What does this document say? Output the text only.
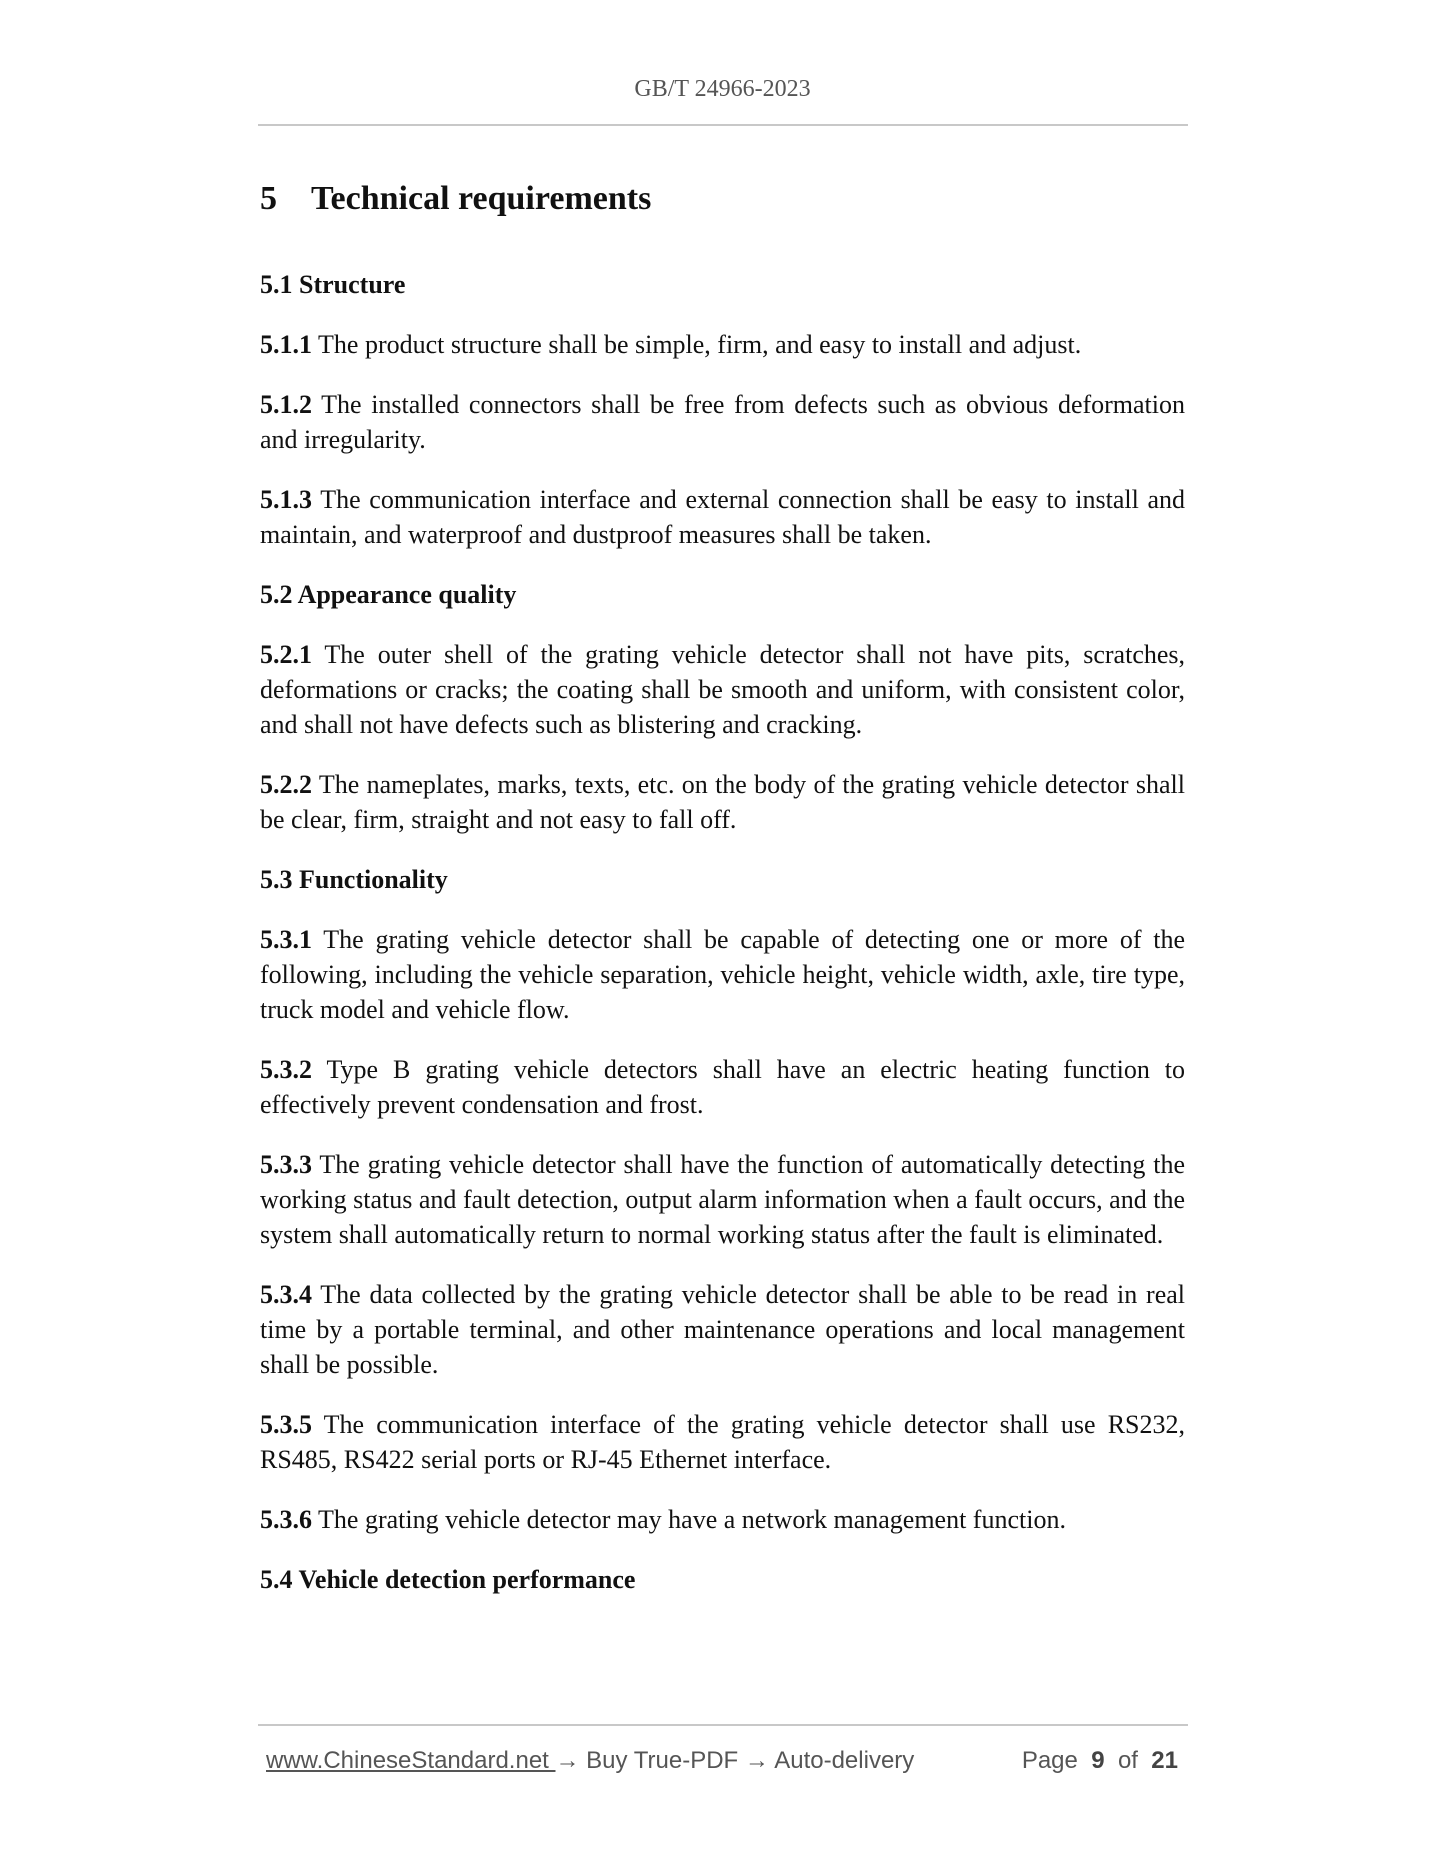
GB/T 24966-2023

5 Technical requirements
5.1 Structure

5.1.1 The product structure shall be simple, firm, and easy to install and adjust.

5.1.2 The installed connectors shall be free from defects such as obvious deformation and irregularity.

5.1.3 The communication interface and external connection shall be easy to install and maintain, and waterproof and dustproof measures shall be taken.

5.2 Appearance quality

5.2.1 The outer shell of the grating vehicle detector shall not have pits, scratches, deformations or cracks; the coating shall be smooth and uniform, with consistent color, and shall not have defects such as blistering and cracking.

5.2.2 The nameplates, marks, texts, etc. on the body of the grating vehicle detector shall be clear, firm, straight and not easy to fall off.

5.3 Functionality

5.3.1 The grating vehicle detector shall be capable of detecting one or more of the following, including the vehicle separation, vehicle height, vehicle width, axle, tire type, truck model and vehicle flow.

5.3.2 Type B grating vehicle detectors shall have an electric heating function to effectively prevent condensation and frost.

5.3.3 The grating vehicle detector shall have the function of automatically detecting the working status and fault detection, output alarm information when a fault occurs, and the system shall automatically return to normal working status after the fault is eliminated.

5.3.4 The data collected by the grating vehicle detector shall be able to be read in real time by a portable terminal, and other maintenance operations and local management shall be possible.

5.3.5 The communication interface of the grating vehicle detector shall use RS232, RS485, RS422 serial ports or RJ-45 Ethernet interface.

5.3.6 The grating vehicle detector may have a network management function.

5.4 Vehicle detection performance
www.ChineseStandard.net → Buy True-PDF → Auto-delivery	Page 9 of 21
